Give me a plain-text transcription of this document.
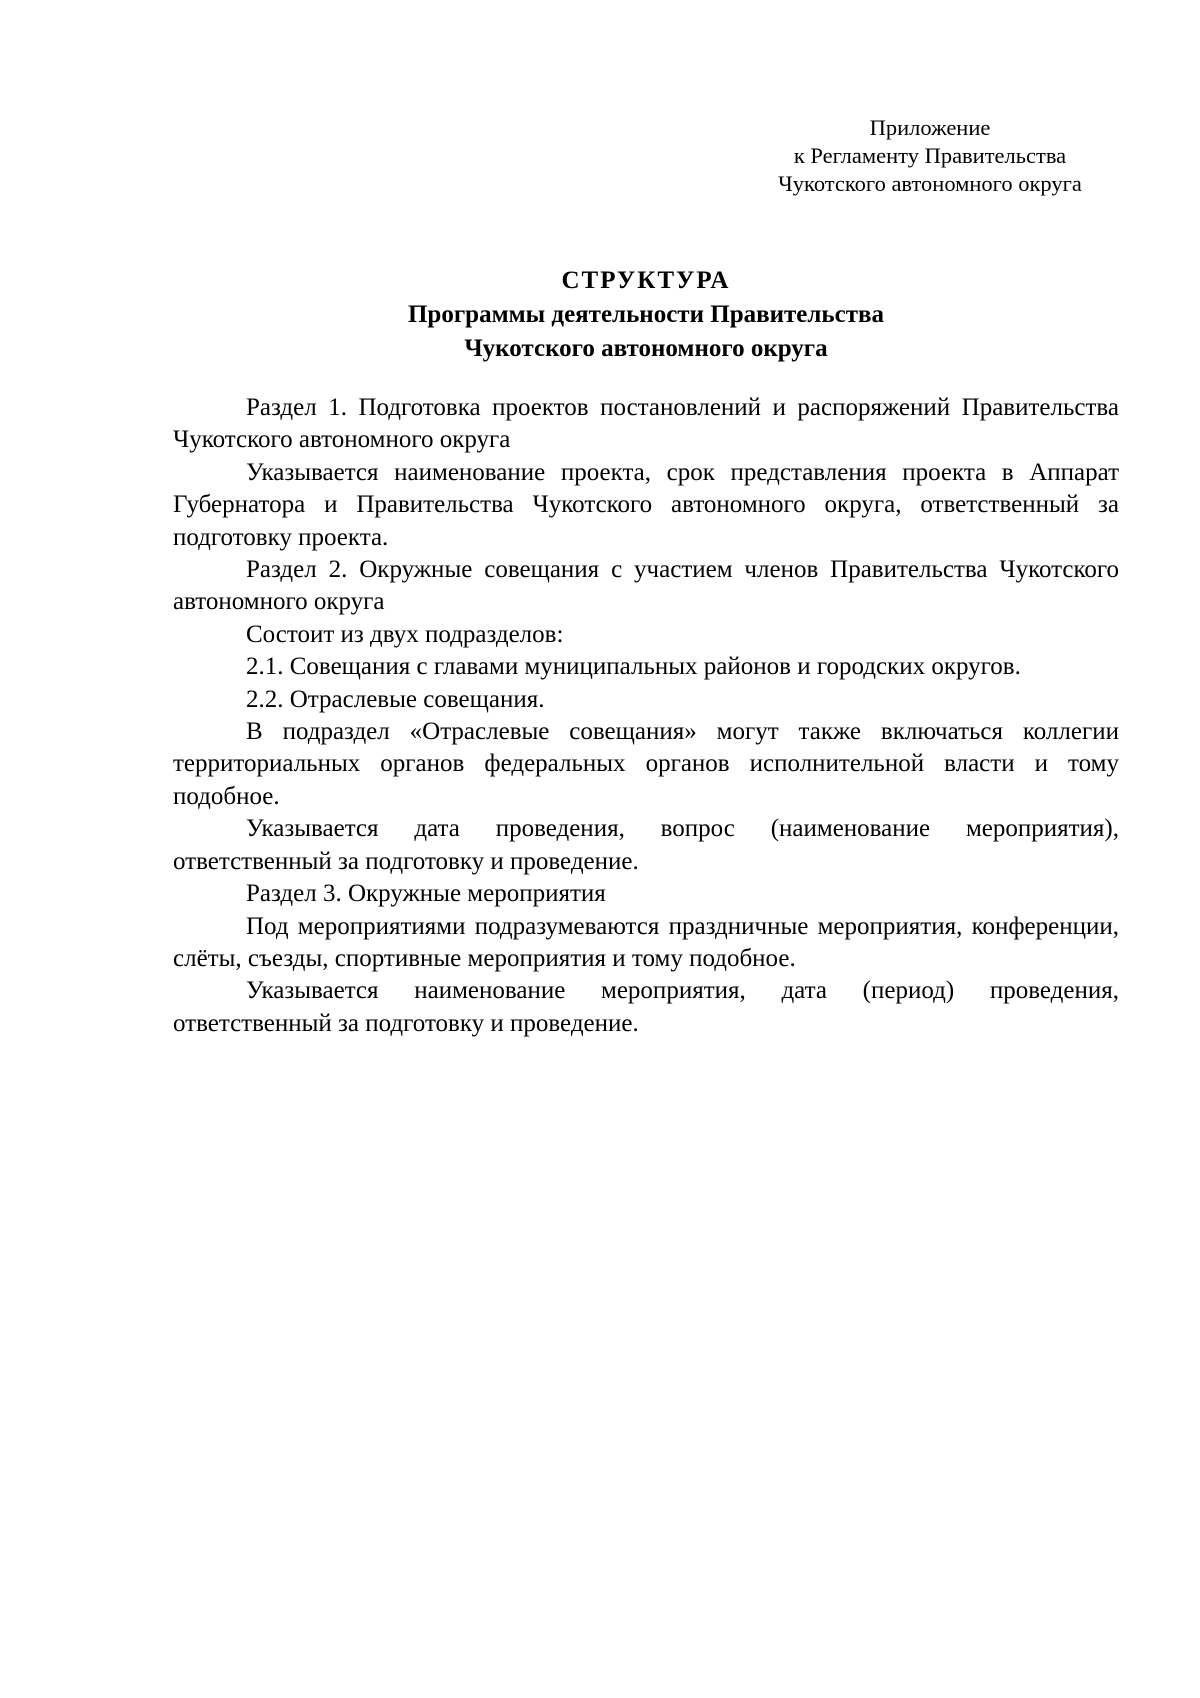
Приложение
к Регламенту Правительства
Чукотского автономного округа
СТРУКТУРА
Программы деятельности Правительства
Чукотского автономного округа

Раздел 1. Подготовка проектов постановлений и распоряжений Правительства Чукотского автономного округа

Указывается наименование проекта, срок представления проекта в Аппарат Губернатора и Правительства Чукотского автономного округа, ответственный за подготовку проекта.

Раздел 2. Окружные совещания с участием членов Правительства Чукотского автономного округа

Состоит из двух подразделов:

2.1. Совещания с главами муниципальных районов и городских округов.

2.2. Отраслевые совещания.

В подраздел «Отраслевые совещания» могут также включаться коллегии территориальных органов федеральных органов исполнительной власти и тому подобное.

Указывается дата проведения, вопрос (наименование мероприятия), ответственный за подготовку и проведение.

Раздел 3. Окружные мероприятия

Под мероприятиями подразумеваются праздничные мероприятия, конференции, слёты, съезды, спортивные мероприятия и тому подобное.

Указывается наименование мероприятия, дата (период) проведения, ответственный за подготовку и проведение.
